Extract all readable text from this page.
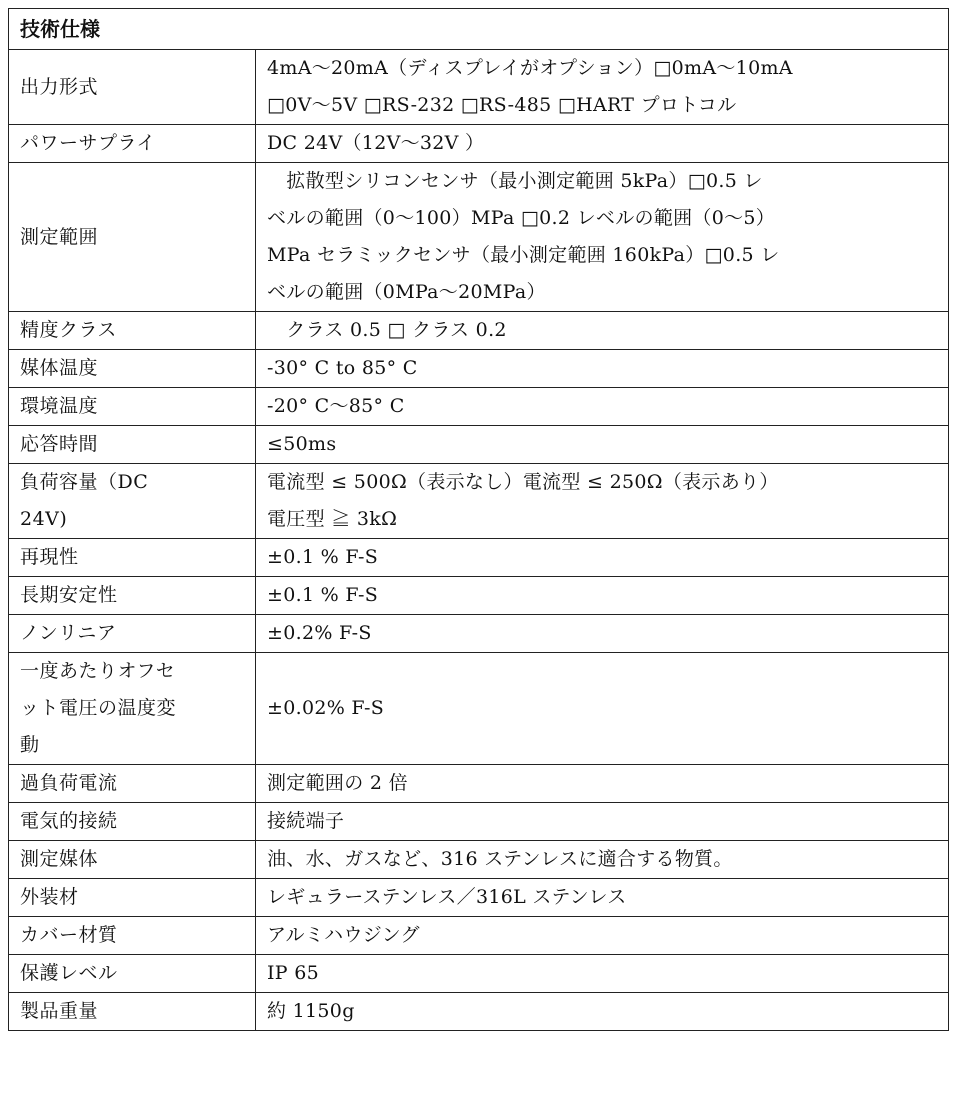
技術仕様	
出力形式	4mA～20mA（ディスプレイがオプション）□0mA～10mA
□0V～5V □RS-232 □RS-485 □HART プロトコル

パワーサプライ	DC 24V（12V～32V ）
測定範囲	　拡散型シリコンセンサ（最小測定範囲 5kPa）□0.5 レ
ベルの範囲（0～100）MPa □0.2 レベルの範囲（0～5）
MPa セラミックセンサ（最小測定範囲 160kPa）□0.5 レ
ベルの範囲（0MPa～20MPa）

精度クラス	　クラス 0.5 □ クラス 0.2
媒体温度	-30° C to 85° C
環境温度	-20° C～85° C
応答時間	≤50ms

負荷容量（DC
24V)	電流型 ≤ 500Ω（表示なし）電流型 ≤ 250Ω（表示あり）
電圧型 ≧ 3kΩ

再現性	±0.1 % F-S
長期安定性	±0.1 % F-S
ノンリニア	±0.2% F-S

一度あたりオフセ
ット電圧の温度変
動	±0.02% F-S
過負荷電流	測定範囲の 2 倍
電気的接続	接続端子
測定媒体	油、水、ガスなど、316 ステンレスに適合する物質。
外装材	レギュラーステンレス／316L ステンレス
カバー材質	アルミハウジング
保護レベル	IP 65
製品重量	約 1150g
